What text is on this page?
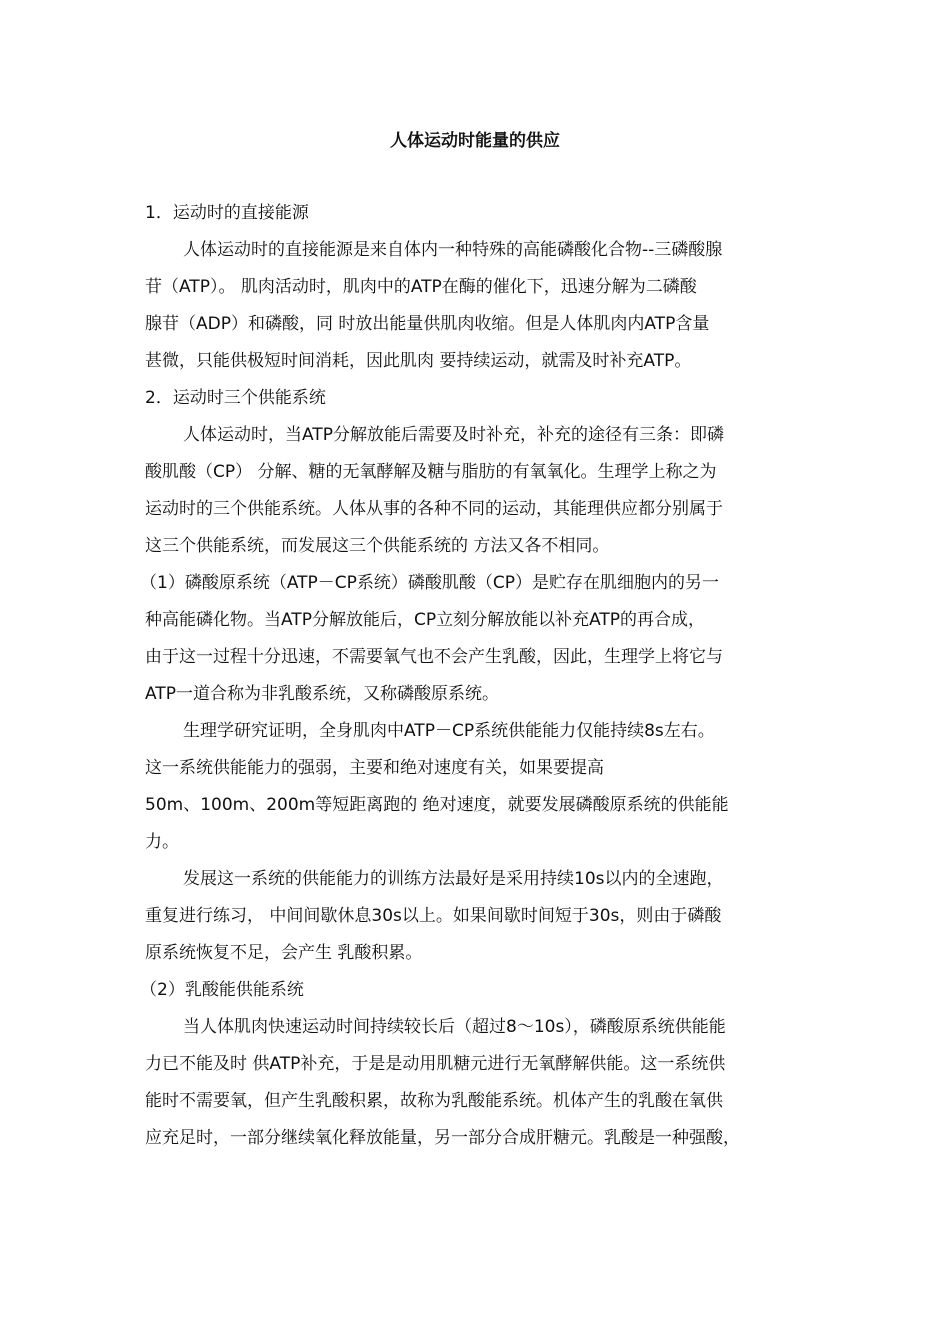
人体运动时能量的供应
1．运动时的直接能源
人体运动时的直接能源是来自体内一种特殊的高能磷酸化合物--三磷酸腺
苷（ATP）。 肌肉活动时，肌肉中的ATP在酶的催化下，迅速分解为二磷酸
腺苷（ADP）和磷酸，同 时放出能量供肌肉收缩。但是人体肌肉内ATP含量
甚微，只能供极短时间消耗，因此肌肉 要持续运动，就需及时补充ATP。
2．运动时三个供能系统
人体运动时，当ATP分解放能后需要及时补充，补充的途径有三条：即磷
酸肌酸（CP） 分解、糖的无氧酵解及糖与脂肪的有氧氧化。生理学上称之为
运动时的三个供能系统。人体从事的各种不同的运动，其能理供应都分别属于
这三个供能系统，而发展这三个供能系统的 方法又各不相同。
（1）磷酸原系统（ATP－CP系统）磷酸肌酸（CP）是贮存在肌细胞内的另一
种高能磷化物。当ATP分解放能后，CP立刻分解放能以补充ATP的再合成，
由于这一过程十分迅速，不需要氧气也不会产生乳酸，因此，生理学上将它与
ATP一道合称为非乳酸系统，又称磷酸原系统。
生理学研究证明，全身肌肉中ATP－CP系统供能能力仅能持续8s左右。
这一系统供能能力的强弱，主要和绝对速度有关，如果要提高
50m、100m、200m等短距离跑的 绝对速度，就要发展磷酸原系统的供能能
力。
发展这一系统的供能能力的训练方法最好是采用持续10s以内的全速跑，
重复进行练习， 中间间歇休息30s以上。如果间歇时间短于30s，则由于磷酸
原系统恢复不足，会产生 乳酸积累。
（2）乳酸能供能系统
当人体肌肉快速运动时间持续较长后（超过8～10s），磷酸原系统供能能
力已不能及时 供ATP补充，于是是动用肌糖元进行无氧酵解供能。这一系统供
能时不需要氧，但产生乳酸积累，故称为乳酸能系统。机体产生的乳酸在氧供
应充足时，一部分继续氧化释放能量，另一部分合成肝糖元。乳酸是一种强酸，
